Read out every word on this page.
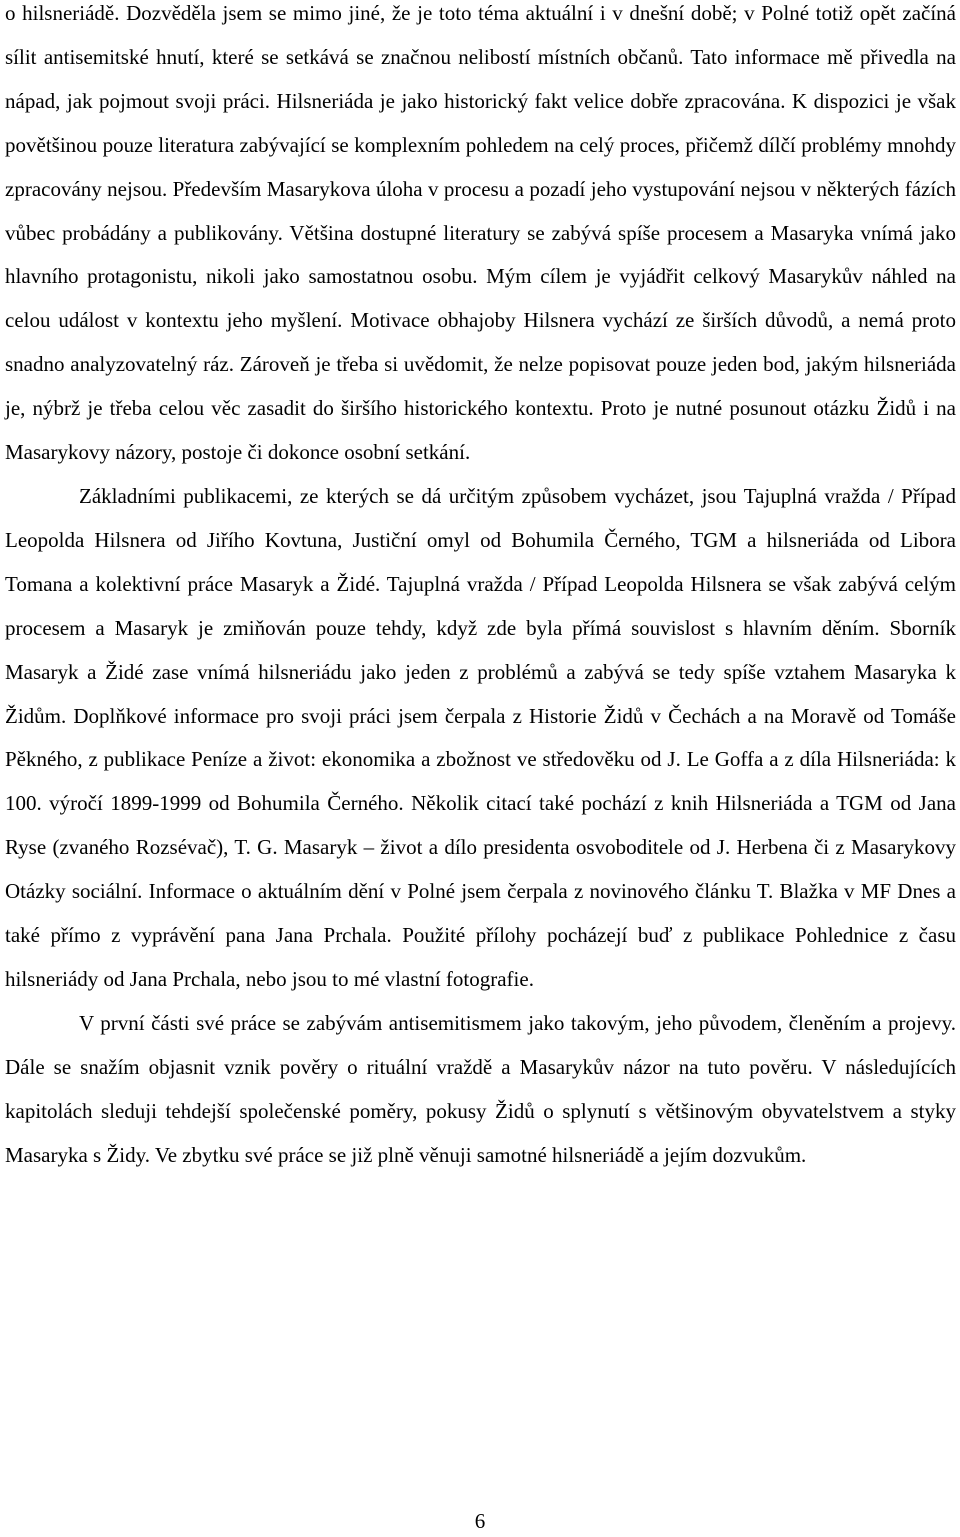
o hilsneriádě. Dozvěděla jsem se mimo jiné, že je toto téma aktuální i v dnešní době; v Polné totiž opět začíná sílit antisemitské hnutí, které se setkává se značnou nelibostí místních občanů. Tato informace mě přivedla na nápad, jak pojmout svoji práci. Hilsneriáda je jako historický fakt velice dobře zpracována. K dispozici je však povětšinou pouze literatura zabývající se komplexním pohledem na celý proces, přičemž dílčí problémy mnohdy zpracovány nejsou. Především Masarykova úloha v procesu a pozadí jeho vystupování nejsou v některých fázích vůbec probádány a publikovány. Většina dostupné literatury se zabývá spíše procesem a Masaryka vnímá jako hlavního protagonistu, nikoli jako samostatnou osobu. Mým cílem je vyjádřit celkový Masarykův náhled na celou událost v kontextu jeho myšlení. Motivace obhajoby Hilsnera vychází ze širších důvodů, a nemá proto snadno analyzovatelný ráz. Zároveň je třeba si uvědomit, že nelze popisovat pouze jeden bod, jakým hilsneriáda je, nýbrž je třeba celou věc zasadit do širšího historického kontextu. Proto je nutné posunout otázku Židů i na Masarykovy názory, postoje či dokonce osobní setkání.

Základními publikacemi, ze kterých se dá určitým způsobem vycházet, jsou Tajuplná vražda / Případ Leopolda Hilsnera od Jiřího Kovtuna, Justiční omyl od Bohumila Černého, TGM a hilsneriáda od Libora Tomana a kolektivní práce Masaryk a Židé. Tajuplná vražda / Případ Leopolda Hilsnera se však zabývá celým procesem a Masaryk je zmiňován pouze tehdy, když zde byla přímá souvislost s hlavním děním. Sborník Masaryk a Židé zase vnímá hilsneriádu jako jeden z problémů a zabývá se tedy spíše vztahem Masaryka k Židům. Doplňkové informace pro svoji práci jsem čerpala z Historie Židů v Čechách a na Moravě od Tomáše Pěkného, z publikace Peníze a život: ekonomika a zbožnost ve středověku od J. Le Goffa a z díla Hilsneriáda: k 100. výročí 1899-1999 od Bohumila Černého. Několik citací také pochází z knih Hilsneriáda a TGM od Jana Ryse (zvaného Rozsévač), T. G. Masaryk – život a dílo presidenta osvoboditele od J. Herbena či z Masarykovy Otázky sociální. Informace o aktuálním dění v Polné jsem čerpala z novinového článku T. Blažka v MF Dnes a také přímo z vyprávění pana Jana Prchala. Použité přílohy pocházejí buď z publikace Pohlednice z času hilsneriády od Jana Prchala, nebo jsou to mé vlastní fotografie.

V první části své práce se zabývám antisemitismem jako takovým, jeho původem, členěním a projevy. Dále se snažím objasnit vznik pověry o rituální vraždě a Masarykův názor na tuto pověru. V následujících kapitolách sleduji tehdejší společenské poměry, pokusy Židů o splynutí s většinovým obyvatelstvem a styky Masaryka s Židy. Ve zbytku své práce se již plně věnuji samotné hilsneriádě a jejím dozvukům.

6
